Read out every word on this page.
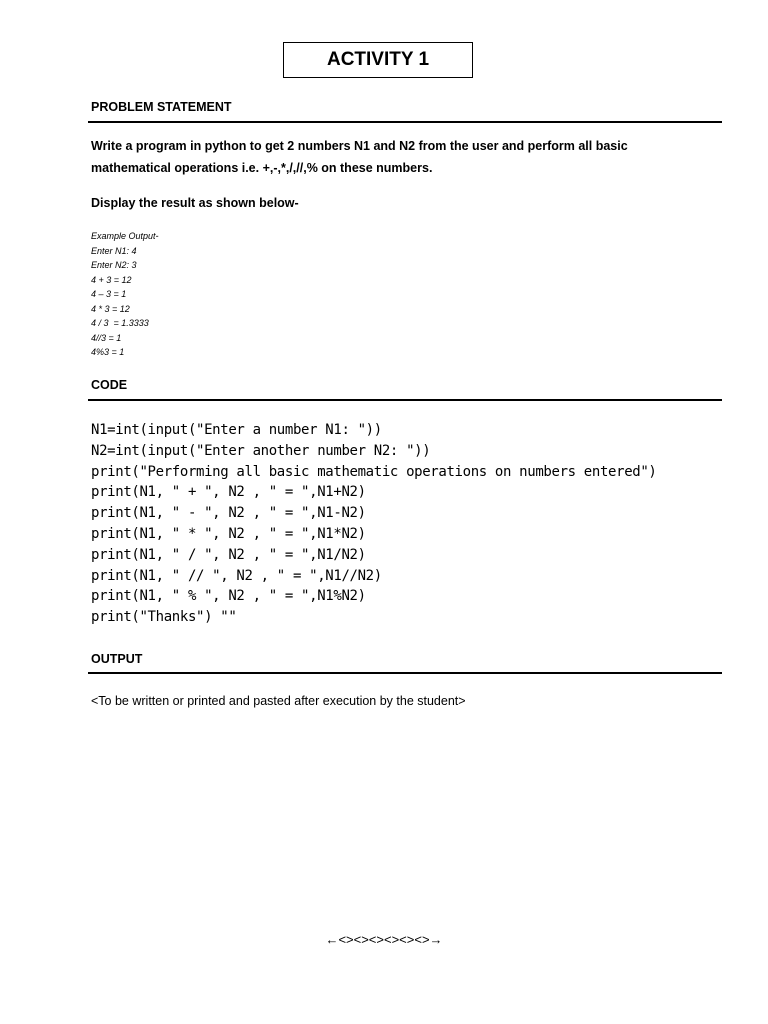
ACTIVITY 1
PROBLEM STATEMENT
Write a program in python to get 2 numbers N1 and N2 from the user and perform all basic mathematical operations i.e. +,-,*,/,//,% on these numbers.
Display the result as shown below-
Example Output-
Enter N1: 4
Enter N2: 3
4 + 3 = 12
4 – 3 = 1
4 * 3 = 12
4 / 3  = 1.3333
4//3 = 1
4%3 = 1
CODE
N1=int(input("Enter a number N1: "))
N2=int(input("Enter another number N2: "))
print("Performing all basic mathematic operations on numbers entered")
print(N1, " + ", N2 , " = ",N1+N2)
print(N1, " - ", N2 , " = ",N1-N2)
print(N1, " * ", N2 , " = ",N1*N2)
print(N1, " / ", N2 , " = ",N1/N2)
print(N1, " // ", N2 , " = ",N1//N2)
print(N1, " % ", N2 , " = ",N1%N2)
print("Thanks") ""
OUTPUT
<To be written or printed and pasted after execution by the student>
←<><><><><><>→
